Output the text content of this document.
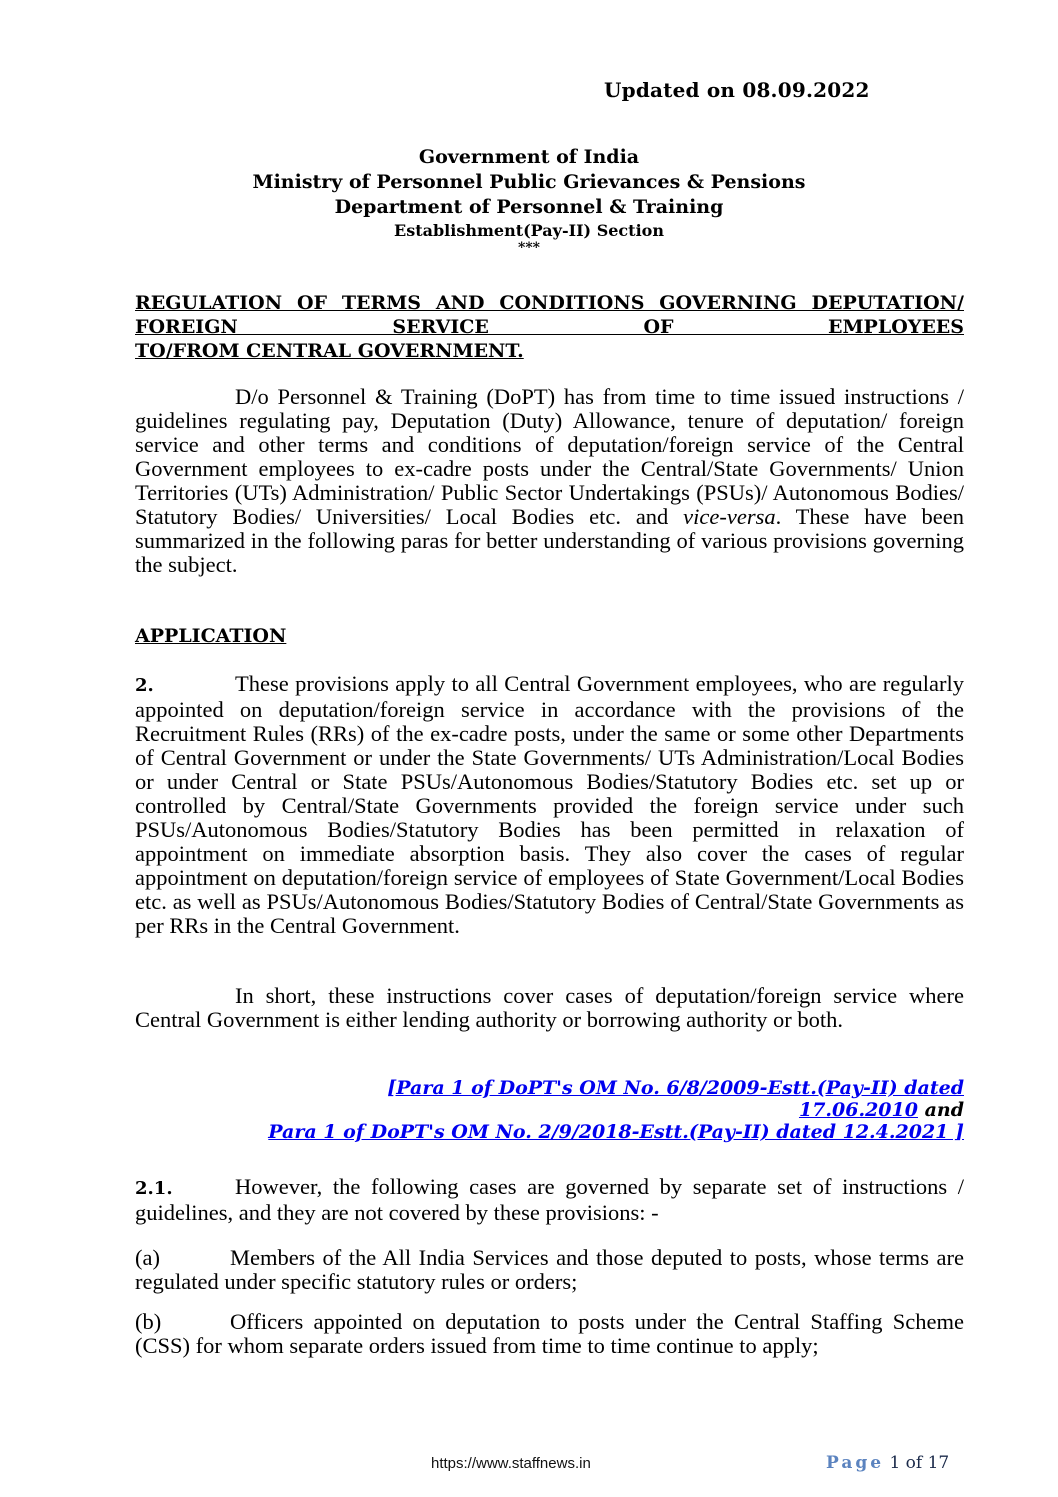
Updated on 08.09.2022
Government of India
Ministry of Personnel Public Grievances & Pensions
Department of Personnel & Training
Establishment(Pay-II) Section
***
REGULATION OF TERMS AND CONDITIONS GOVERNING DEPUTATION/ FOREIGN SERVICE OF EMPLOYEES
TO/FROM CENTRAL GOVERNMENT.

D/o Personnel & Training (DoPT) has from time to time issued instructions / guidelines regulating pay, Deputation (Duty) Allowance, tenure of deputation/ foreign service and other terms and conditions of deputation/foreign service of the Central Government employees to ex-cadre posts under the Central/State Governments/ Union Territories (UTs) Administration/ Public Sector Undertakings (PSUs)/ Autonomous Bodies/ Statutory Bodies/ Universities/ Local Bodies etc. and vice-versa. These have been summarized in the following paras for better understanding of various provisions governing the subject.

APPLICATION

2.	These provisions apply to all Central Government employees, who are regularly appointed on deputation/foreign service in accordance with the provisions of the Recruitment Rules (RRs) of the ex-cadre posts, under the same or some other Departments of Central Government or under the State Governments/ UTs Administration/Local Bodies or under Central or State PSUs/Autonomous Bodies/Statutory Bodies etc. set up or controlled by Central/State Governments provided the foreign service under such PSUs/Autonomous Bodies/Statutory Bodies has been permitted in relaxation of appointment on immediate absorption basis. They also cover the cases of regular appointment on deputation/foreign service of employees of State Government/Local Bodies etc. as well as PSUs/Autonomous Bodies/Statutory Bodies of Central/State Governments as per RRs in the Central Government.

In short, these instructions cover cases of deputation/foreign service where Central Government is either lending authority or borrowing authority or both.

[Para 1 of DoPT's OM No. 6/8/2009-Estt.(Pay-II) dated
17.06.2010 and
Para 1 of DoPT's OM No. 2/9/2018-Estt.(Pay-II) dated 12.4.2021 ]

2.1.	However, the following cases are governed by separate set of instructions / guidelines, and they are not covered by these provisions: -

(a)	Members of the All India Services and those deputed to posts, whose terms are regulated under specific statutory rules or orders;

(b)	Officers appointed on deputation to posts under the Central Staffing Scheme (CSS) for whom separate orders issued from time to time continue to apply;

https://www.staffnews.in	Page 1 of 17
